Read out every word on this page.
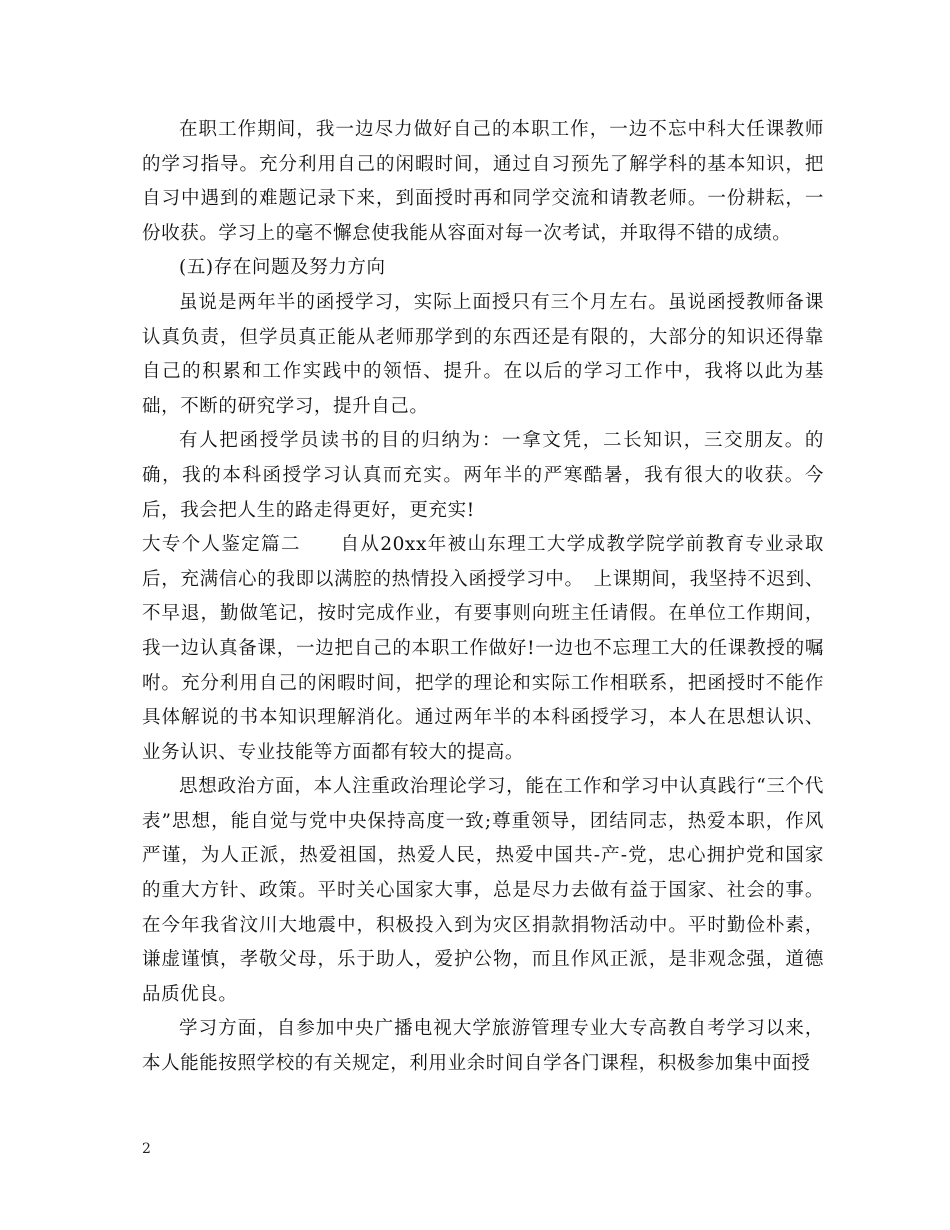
在职工作期间，我一边尽力做好自己的本职工作，一边不忘中科大任课教师的学习指导。充分利用自己的闲暇时间，通过自习预先了解学科的基本知识，把自习中遇到的难题记录下来，到面授时再和同学交流和请教老师。一份耕耘，一份收获。学习上的毫不懈怠使我能从容面对每一次考试，并取得不错的成绩。

(五)存在问题及努力方向

虽说是两年半的函授学习，实际上面授只有三个月左右。虽说函授教师备课认真负责，但学员真正能从老师那学到的东西还是有限的，大部分的知识还得靠自己的积累和工作实践中的领悟、提升。在以后的学习工作中，我将以此为基础，不断的研究学习，提升自己。

有人把函授学员读书的目的归纳为：一拿文凭，二长知识，三交朋友。的确，我的本科函授学习认真而充实。两年半的严寒酷暑，我有很大的收获。今后，我会把人生的路走得更好，更充实!

大专个人鉴定篇二　　自从20xx年被山东理工大学成教学院学前教育专业录取后，充满信心的我即以满腔的热情投入函授学习中。　上课期间，我坚持不迟到、不早退，勤做笔记，按时完成作业，有要事则向班主任请假。在单位工作期间，我一边认真备课，一边把自己的本职工作做好!一边也不忘理工大的任课教授的嘱咐。充分利用自己的闲暇时间，把学的理论和实际工作相联系，把函授时不能作具体解说的书本知识理解消化。通过两年半的本科函授学习，本人在思想认识、业务认识、专业技能等方面都有较大的提高。

思想政治方面，本人注重政治理论学习，能在工作和学习中认真践行“三个代表”思想，能自觉与党中央保持高度一致;尊重领导，团结同志，热爱本职，作风严谨，为人正派，热爱祖国，热爱人民，热爱中国共-产-党，忠心拥护党和国家的重大方针、政策。平时关心国家大事，总是尽力去做有益于国家、社会的事。在今年我省汶川大地震中，积极投入到为灾区捐款捐物活动中。平时勤俭朴素，谦虚谨慎，孝敬父母，乐于助人，爱护公物，而且作风正派，是非观念强，道德品质优良。

学习方面，自参加中央广播电视大学旅游管理专业大专高教自考学习以来，本人能能按照学校的有关规定，利用业余时间自学各门课程，积极参加集中面授

2
